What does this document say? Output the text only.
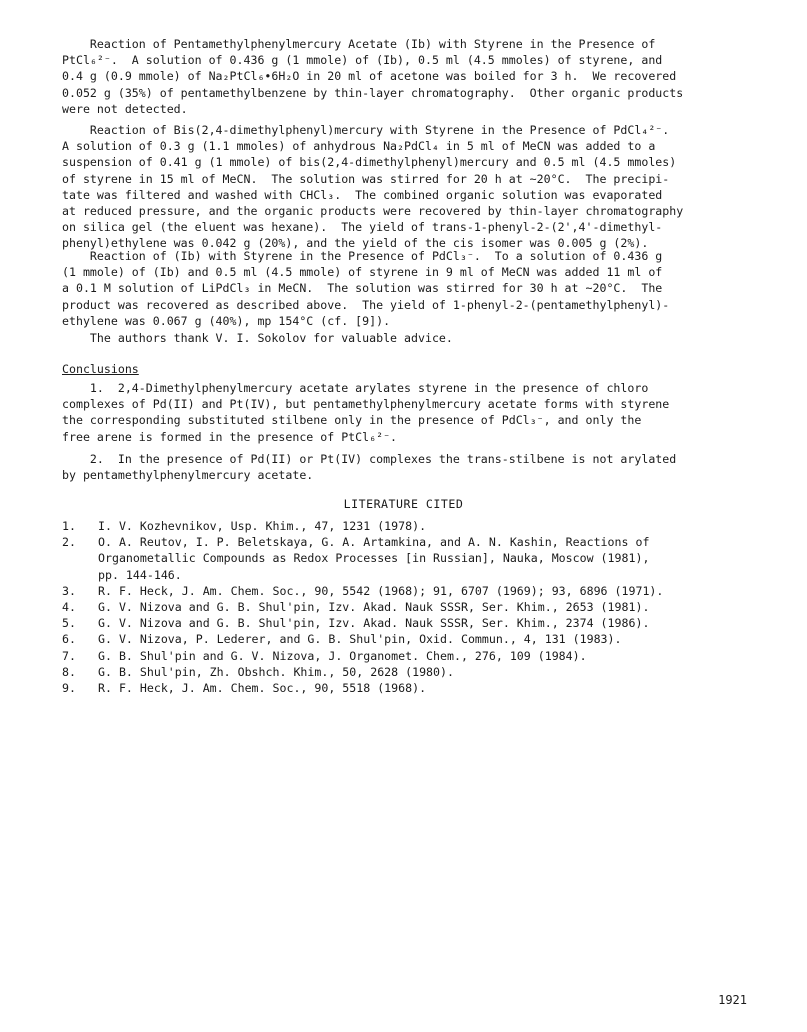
Reaction of Pentamethylphenylmercury Acetate (Ib) with Styrene in the Presence of
PtCl₆²⁻.  A solution of 0.436 g (1 mmole) of (Ib), 0.5 ml (4.5 mmoles) of styrene, and
0.4 g (0.9 mmole) of Na₂PtCl₆•6H₂O in 20 ml of acetone was boiled for 3 h.  We recovered
0.052 g (35%) of pentamethylbenzene by thin-layer chromatography.  Other organic products
were not detected.

Reaction of Bis(2,4-dimethylphenyl)mercury with Styrene in the Presence of PdCl₄²⁻.
A solution of 0.3 g (1.1 mmoles) of anhydrous Na₂PdCl₄ in 5 ml of MeCN was added to a
suspension of 0.41 g (1 mmole) of bis(2,4-dimethylphenyl)mercury and 0.5 ml (4.5 mmoles)
of styrene in 15 ml of MeCN.  The solution was stirred for 20 h at ~20°C.  The precipi-
tate was filtered and washed with CHCl₃.  The combined organic solution was evaporated
at reduced pressure, and the organic products were recovered by thin-layer chromatography
on silica gel (the eluent was hexane).  The yield of trans-1-phenyl-2-(2',4'-dimethyl-
phenyl)ethylene was 0.042 g (20%), and the yield of the cis isomer was 0.005 g (2%).

Reaction of (Ib) with Styrene in the Presence of PdCl₃⁻.  To a solution of 0.436 g
(1 mmole) of (Ib) and 0.5 ml (4.5 mmole) of styrene in 9 ml of MeCN was added 11 ml of
a 0.1 M solution of LiPdCl₃ in MeCN.  The solution was stirred for 30 h at ~20°C.  The
product was recovered as described above.  The yield of 1-phenyl-2-(pentamethylphenyl)-
ethylene was 0.067 g (40%), mp 154°C (cf. [9]).

The authors thank V. I. Sokolov for valuable advice.

Conclusions

1.  2,4-Dimethylphenylmercury acetate arylates styrene in the presence of chloro
complexes of Pd(II) and Pt(IV), but pentamethylphenylmercury acetate forms with styrene
the corresponding substituted stilbene only in the presence of PdCl₃⁻, and only the
free arene is formed in the presence of PtCl₆²⁻.

2.  In the presence of Pd(II) or Pt(IV) complexes the trans-stilbene is not arylated
by pentamethylphenylmercury acetate.

LITERATURE CITED

1. I. V. Kozhevnikov, Usp. Khim., 47, 1231 (1978).
2. O. A. Reutov, I. P. Beletskaya, G. A. Artamkina, and A. N. Kashin, Reactions of
Organometallic Compounds as Redox Processes [in Russian], Nauka, Moscow (1981),
pp. 144-146.
3. R. F. Heck, J. Am. Chem. Soc., 90, 5542 (1968); 91, 6707 (1969); 93, 6896 (1971).
4. G. V. Nizova and G. B. Shul'pin, Izv. Akad. Nauk SSSR, Ser. Khim., 2653 (1981).
5. G. V. Nizova and G. B. Shul'pin, Izv. Akad. Nauk SSSR, Ser. Khim., 2374 (1986).
6. G. V. Nizova, P. Lederer, and G. B. Shul'pin, Oxid. Commun., 4, 131 (1983).
7. G. B. Shul'pin and G. V. Nizova, J. Organomet. Chem., 276, 109 (1984).
8. G. B. Shul'pin, Zh. Obshch. Khim., 50, 2628 (1980).
9. R. F. Heck, J. Am. Chem. Soc., 90, 5518 (1968).
1921
